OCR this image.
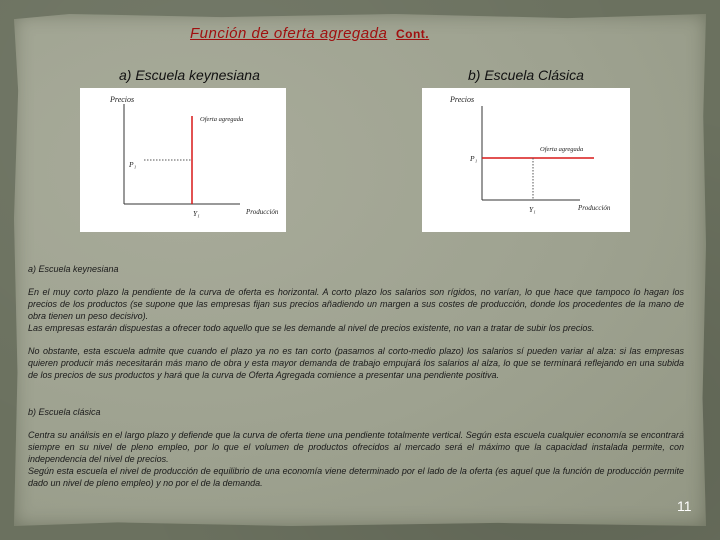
Función de oferta agregada Cont.
a) Escuela keynesiana	b) Escuela Clásica
Precios
Oferta agregada
P₁
Y₁	Producción
Precios
Oferta agregada
P₁
Y₁	Producción

a) Escuela keynesiana

En el muy corto plazo la pendiente de la curva de oferta es horizontal. A corto plazo los salarios son rígidos, no varían, lo que hace que tampoco lo hagan los precios de los productos (se supone que las empresas fijan sus precios añadiendo un margen a sus costes de producción, donde los procedentes de la mano de obra tienen un peso decisivo).

Las empresas estarán dispuestas a ofrecer todo aquello que se les demande al nivel de precios existente, no van a tratar de subir los precios.

No obstante, esta escuela admite que cuando el plazo ya no es tan corto (pasamos al corto-medio plazo) los salarios sí pueden variar al alza: si las empresas quieren producir más necesitarán más mano de obra y esta mayor demanda de trabajo empujará los salarios al alza, lo que se terminará reflejando en una subida de los precios de sus productos y hará que la curva de Oferta Agregada comience a presentar una pendiente positiva.

b) Escuela clásica

Centra su análisis en el largo plazo y defiende que la curva de oferta tiene una pendiente totalmente vertical. Según esta escuela cualquier economía se encontrará siempre en su nivel de pleno empleo, por lo que el volumen de productos ofrecidos al mercado será el máximo que la capacidad instalada permite, con independencia del nivel de precios.

Según esta escuela el nivel de producción de equilibrio de una economía viene determinado por el lado de la oferta (es aquel que la función de producción permite dado un nivel de pleno empleo) y no por el de la demanda.

11
